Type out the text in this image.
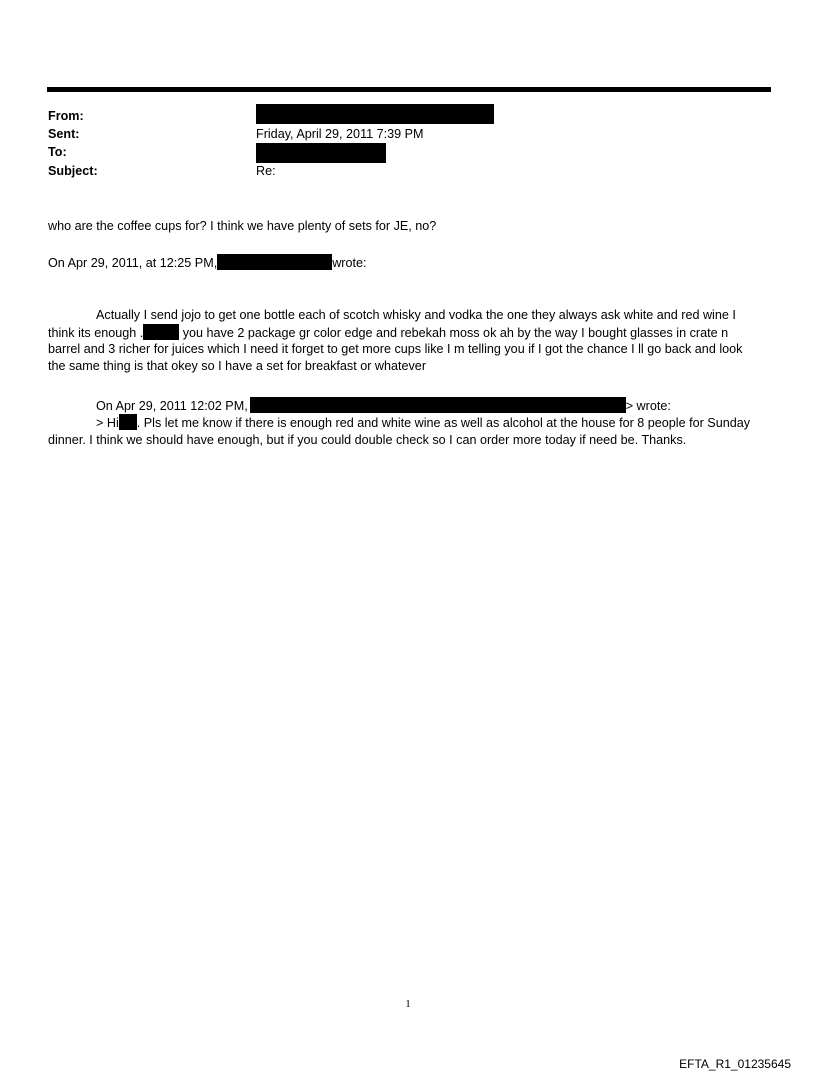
From:
Sent:	Friday, April 29, 2011 7:39 PM
To:
Subject:	Re:
who are the coffee cups for? I think we have plenty of sets for JE, no?
On Apr 29, 2011, at 12:25 PM,	wrote:

Actually I send jojo to get one bottle each of scotch whisky and vodka the one they always ask white and red wine I think its enough .	you have 2 package gr color edge and rebekah moss ok ah by the way I bought glasses in crate n barrel and 3 richer for juices which I need it forget to get more cups like I m telling you if I got the chance I ll go back and look the same thing is that okey so I have a set for breakfast or whatever

On Apr 29, 2011 12:02 PM,	> wrote:

> Hi . Pls let me know if there is enough red and white wine as well as alcohol at the house for 8 people for Sunday dinner. I think we should have enough, but if you could double check so I can order more today if need be. Thanks.

1
EFTA_R1_01235645
